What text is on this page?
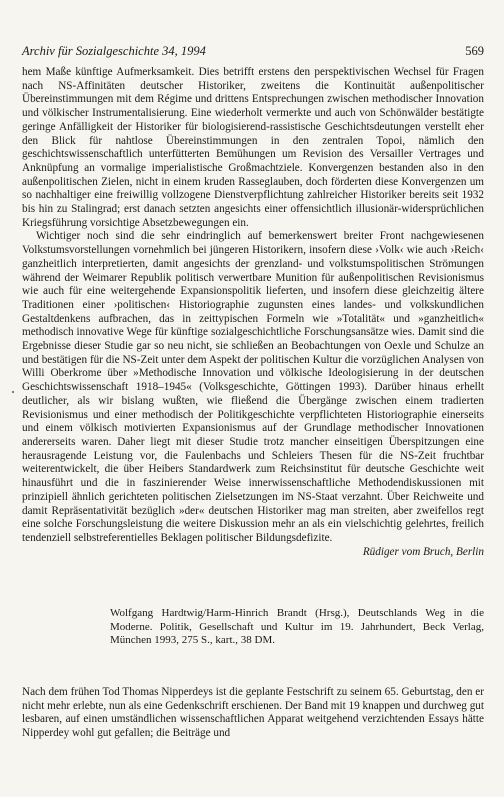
Archiv für Sozialgeschichte 34, 1994	569

hem Maße künftige Aufmerksamkeit. Dies betrifft erstens den perspektivischen Wechsel für Fragen nach NS-Affinitäten deutscher Historiker, zweitens die Kontinuität außenpolitischer Übereinstimmungen mit dem Régime und drittens Entsprechungen zwischen methodischer Innovation und völkischer Instrumentalisierung. Eine wiederholt vermerkte und auch von Schönwälder bestätigte geringe Anfälligkeit der Historiker für biologisierend-rassistische Geschichtsdeutungen verstellt eher den Blick für nahtlose Übereinstimmungen in den zentralen Topoi, nämlich den geschichtswissenschaftlich unterfütterten Bemühungen um Revision des Versailler Vertrages und Anknüpfung an vormalige imperialistische Großmachtziele. Konvergenzen bestanden also in den außenpolitischen Zielen, nicht in einem kruden Rasseglauben, doch förderten diese Konvergenzen um so nachhaltiger eine freiwillig vollzogene Dienstverpflichtung zahlreicher Historiker bereits seit 1932 bis hin zu Stalingrad; erst danach setzten angesichts einer offensichtlich illusionär-widersprüchlichen Kriegsführung vorsichtige Absetzbewegungen ein.

Wichtiger noch sind die sehr eindringlich auf bemerkenswert breiter Front nachgewiesenen Volkstumsvorstellungen vornehmlich bei jüngeren Historikern, insofern diese ›Volk‹ wie auch ›Reich‹ ganzheitlich interpretierten, damit angesichts der grenzland- und volkstumspolitischen Strömungen während der Weimarer Republik politisch verwertbare Munition für außenpolitischen Revisionismus wie auch für eine weitergehende Expansionspolitik lieferten, und insofern diese gleichzeitig ältere Traditionen einer ›politischen‹ Historiographie zugunsten eines landes- und volkskundlichen Gestaltdenkens aufbrachen, das in zeittypischen Formeln wie »Totalität« und »ganzheitlich« methodisch innovative Wege für künftige sozialgeschichtliche Forschungsansätze wies. Damit sind die Ergebnisse dieser Studie gar so neu nicht, sie schließen an Beobachtungen von Oexle und Schulze an und bestätigen für die NS-Zeit unter dem Aspekt der politischen Kultur die vorzüglichen Analysen von Willi Oberkrome über »Methodische Innovation und völkische Ideologisierung in der deutschen Geschichtswissenschaft 1918–1945« (Volksgeschichte, Göttingen 1993). Darüber hinaus erhellt deutlicher, als wir bislang wußten, wie fließend die Übergänge zwischen einem tradierten Revisionismus und einer methodisch der Politikgeschichte verpflichteten Historiographie einerseits und einem völkisch motivierten Expansionismus auf der Grundlage methodischer Innovationen andererseits waren. Daher liegt mit dieser Studie trotz mancher einseitigen Überspitzungen eine herausragende Leistung vor, die Faulenbachs und Schleiers Thesen für die NS-Zeit fruchtbar weiterentwickelt, die über Heibers Standardwerk zum Reichsinstitut für deutsche Geschichte weit hinausführt und die in faszinierender Weise innerwissenschaftliche Methodendiskussionen mit prinzipiell ähnlich gerichteten politischen Zielsetzungen im NS-Staat verzahnt. Über Reichweite und damit Repräsentativität bezüglich »der« deutschen Historiker mag man streiten, aber zweifellos regt eine solche Forschungsleistung die weitere Diskussion mehr an als ein vielschichtig gelehrtes, freilich tendenziell selbstreferentielles Beklagen politischer Bildungsdefizite.

Rüdiger vom Bruch, Berlin

Wolfgang Hardtwig/Harm-Hinrich Brandt (Hrsg.), Deutschlands Weg in die Moderne. Politik, Gesellschaft und Kultur im 19. Jahrhundert, Beck Verlag, München 1993, 275 S., kart., 38 DM.
Nach dem frühen Tod Thomas Nipperdeys ist die geplante Festschrift zu seinem 65. Geburtstag, den er nicht mehr erlebte, nun als eine Gedenkschrift erschienen. Der Band mit 19 knappen und durchweg gut lesbaren, auf einen umständlichen wissenschaftlichen Apparat weitgehend verzichtenden Essays hätte Nipperdey wohl gut gefallen; die Beiträge und
